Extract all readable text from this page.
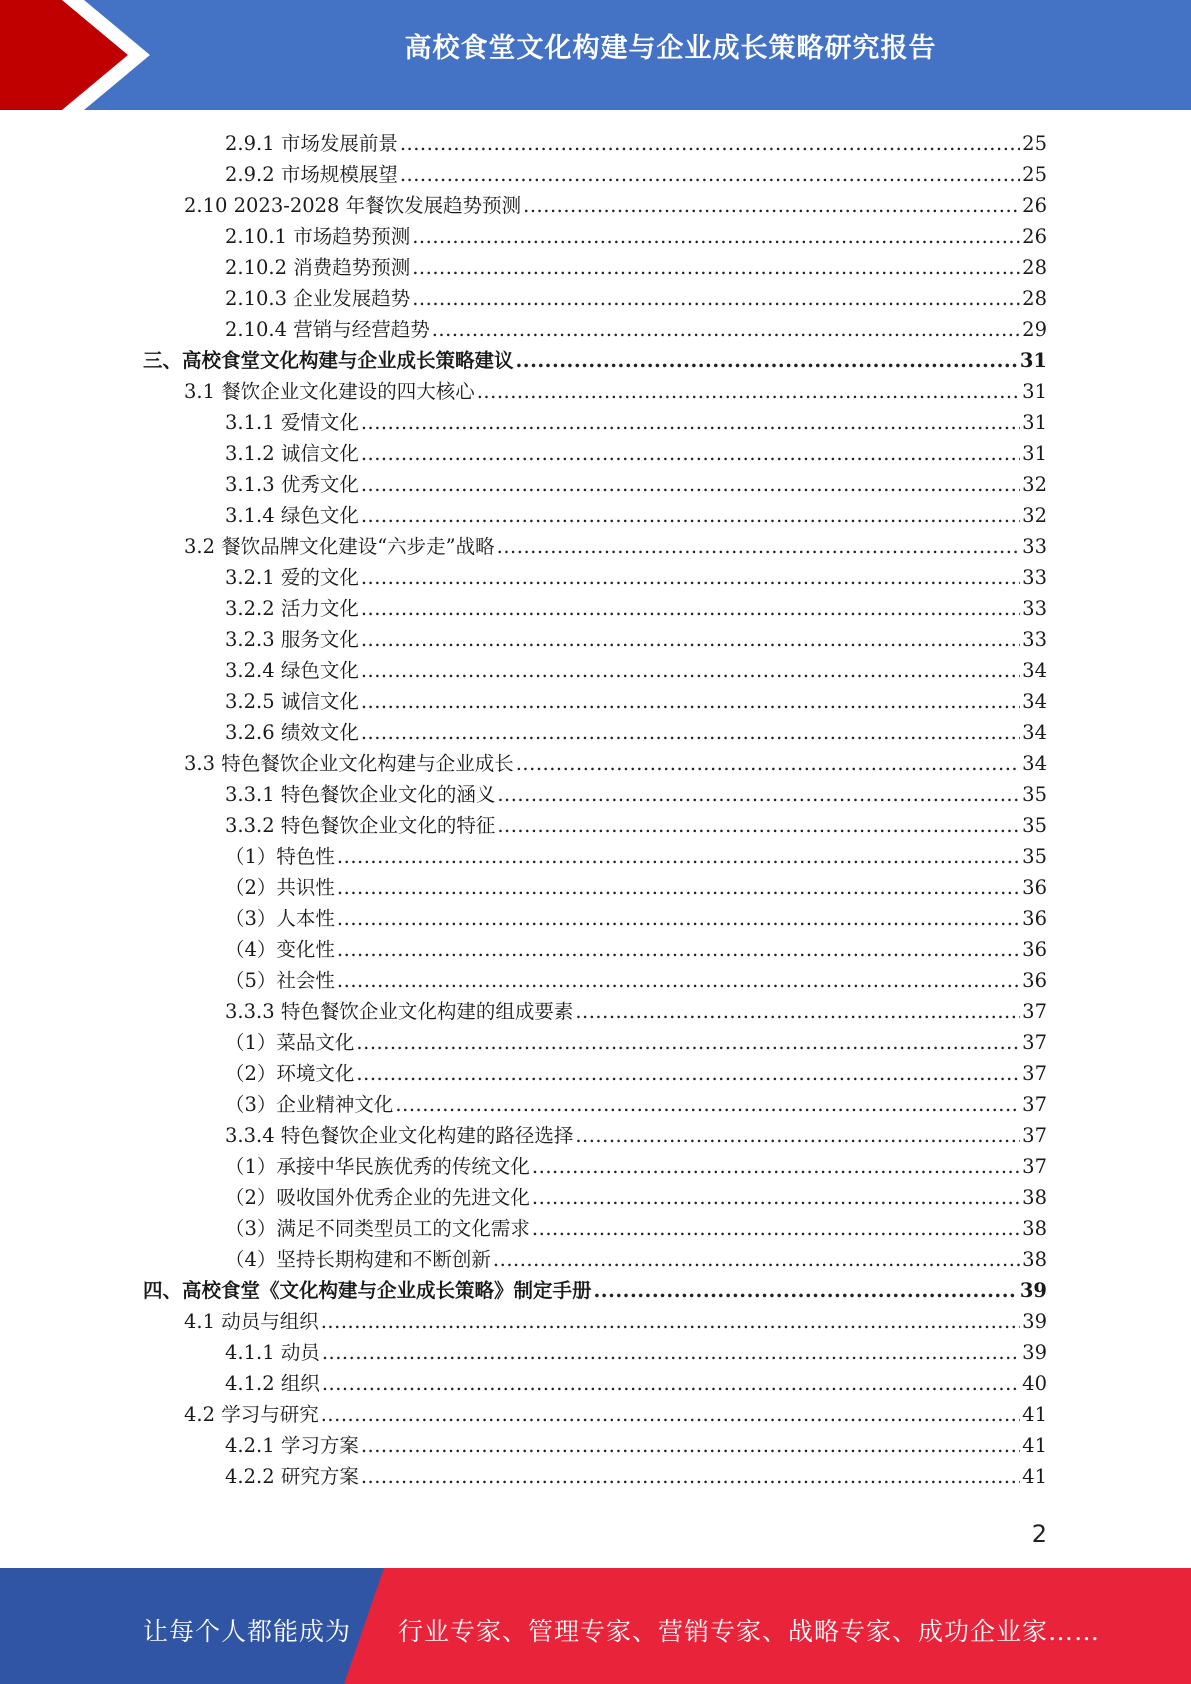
高校食堂文化构建与企业成长策略研究报告
2.9.1 市场发展前景 .....	25
2.9.2 市场规模展望 .....	25
2.10 2023-2028 年餐饮发展趋势预测 .....	26
2.10.1 市场趋势预测 .....	26
2.10.2 消费趋势预测 .....	28
2.10.3 企业发展趋势 .....	28
2.10.4 营销与经营趋势 .....	29
三、高校食堂文化构建与企业成长策略建议 .....	31
3.1 餐饮企业文化建设的四大核心 .....	31
3.1.1 爱情文化 .....	31
3.1.2 诚信文化 .....	31
3.1.3 优秀文化 .....	32
3.1.4 绿色文化 .....	32
3.2 餐饮品牌文化建设“六步走”战略 .....	33
3.2.1 爱的文化 .....	33
3.2.2 活力文化 .....	33
3.2.3 服务文化 .....	33
3.2.4 绿色文化 .....	34
3.2.5 诚信文化 .....	34
3.2.6 绩效文化 .....	34
3.3 特色餐饮企业文化构建与企业成长 .....	34
3.3.1 特色餐饮企业文化的涵义 .....	35
3.3.2 特色餐饮企业文化的特征 .....	35
（1）特色性 .....	35
（2）共识性 .....	36
（3）人本性 .....	36
（4）变化性 .....	36
（5）社会性 .....	36
3.3.3 特色餐饮企业文化构建的组成要素 .....	37
（1）菜品文化 .....	37
（2）环境文化 .....	37
（3）企业精神文化 .....	37
3.3.4 特色餐饮企业文化构建的路径选择 .....	37
（1）承接中华民族优秀的传统文化 .....	37
（2）吸收国外优秀企业的先进文化 .....	38
（3）满足不同类型员工的文化需求 .....	38
（4）坚持长期构建和不断创新 .....	38
四、高校食堂《文化构建与企业成长策略》制定手册 .....	39
4.1 动员与组织 .....	39
4.1.1 动员 .....	39
4.1.2 组织 .....	40
4.2 学习与研究 .....	41
4.2.1 学习方案 .....	41
4.2.2 研究方案 .....	41
2
让每个人都能成为 行业专家、管理专家、营销专家、战略专家、成功企业家……
